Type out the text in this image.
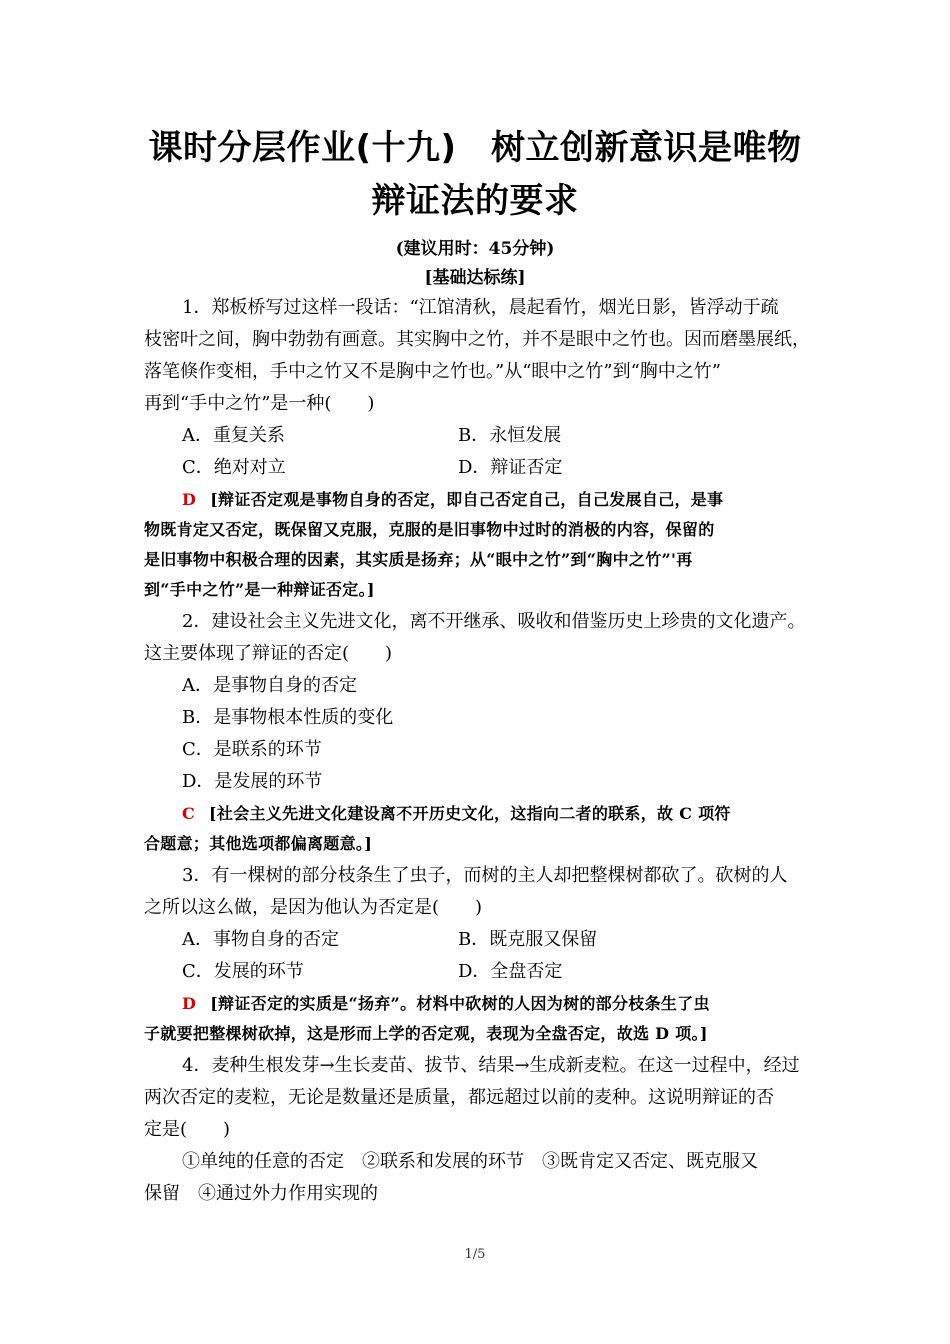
课时分层作业(十九)　树立创新意识是唯物
辩证法的要求
(建议用时：45分钟)
[基础达标练]
1．郑板桥写过这样一段话：“江馆清秋，晨起看竹，烟光日影，皆浮动于疏
枝密叶之间，胸中勃勃有画意。其实胸中之竹，并不是眼中之竹也。因而磨墨展纸，
落笔倏作变相，手中之竹又不是胸中之竹也。”从“眼中之竹”到“胸中之竹”
再到“手中之竹”是一种(　　)
A．重复关系	B．永恒发展
C．绝对对立	D．辩证否定
D [辩证否定观是事物自身的否定，即自己否定自己，自己发展自己，是事
物既肯定又否定，既保留又克服，克服的是旧事物中过时的消极的内容，保留的
是旧事物中积极合理的因素，其实质是扬弃；从“眼中之竹”到“胸中之竹”'再
到“手中之竹”是一种辩证否定。]
2．建设社会主义先进文化，离不开继承、吸收和借鉴历史上珍贵的文化遗产。
这主要体现了辩证的否定(　　)
A．是事物自身的否定
B．是事物根本性质的变化
C．是联系的环节
D．是发展的环节
C [社会主义先进文化建设离不开历史文化，这指向二者的联系，故 C 项符
合题意；其他选项都偏离题意。]
3．有一棵树的部分枝条生了虫子，而树的主人却把整棵树都砍了。砍树的人
之所以这么做，是因为他认为否定是(　　)
A．事物自身的否定	B．既克服又保留
C．发展的环节	D．全盘否定
D [辩证否定的实质是“扬弃”。材料中砍树的人因为树的部分枝条生了虫
子就要把整棵树砍掉，这是形而上学的否定观，表现为全盘否定，故选 D 项。]
4．麦种生根发芽→生长麦苗、拔节、结果→生成新麦粒。在这一过程中，经过
两次否定的麦粒，无论是数量还是质量，都远超过以前的麦种。这说明辩证的否
定是(　　)
①单纯的任意的否定　②联系和发展的环节　③既肯定又否定、既克服又
保留　④通过外力作用实现的
1/5
